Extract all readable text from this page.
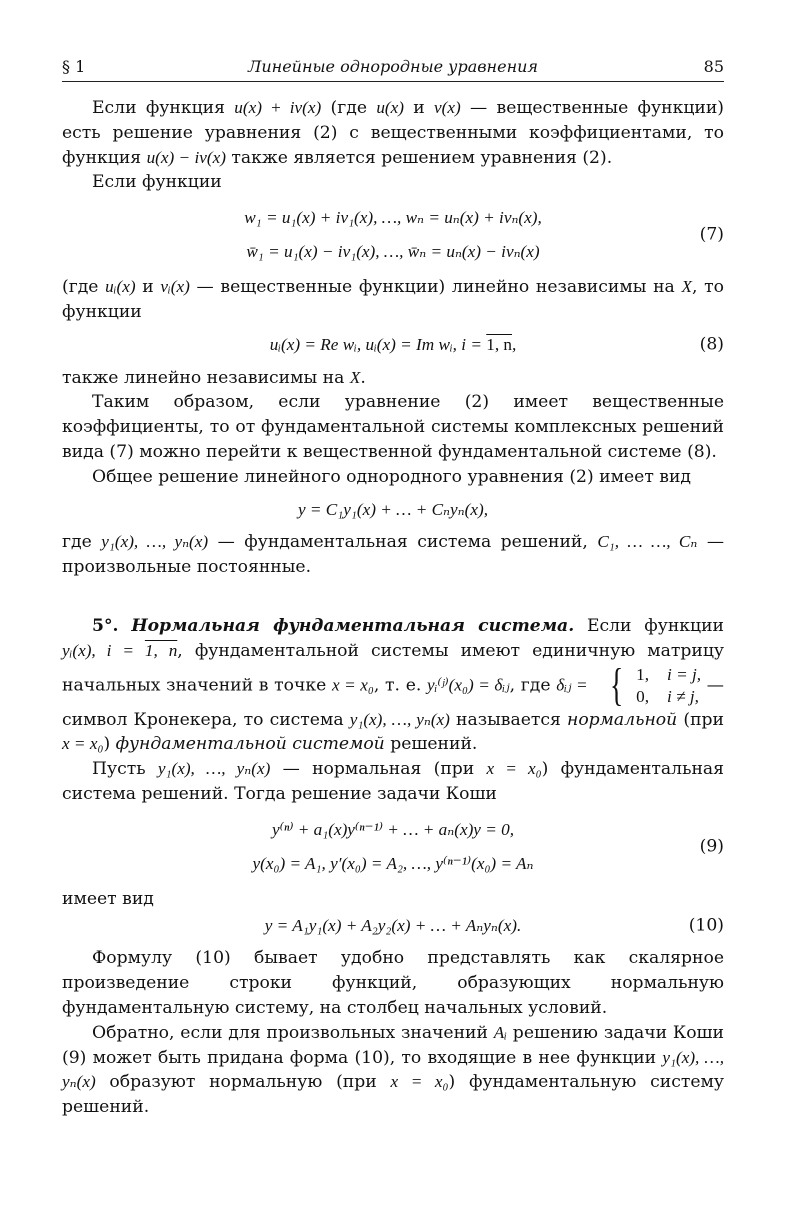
§ 1	Линейные однородные уравнения	85

Если функция u(x) + iv(x) (где u(x) и v(x) — вещественные функции) есть решение уравнения (2) с вещественными коэффициентами, то функция u(x) − iv(x) также является решением уравнения (2).

Если функции

w₁ = u₁(x) + iv₁(x), …, wₙ = uₙ(x) + ivₙ(x),
w̄₁ = u₁(x) − iv₁(x), …, w̄ₙ = uₙ(x) − ivₙ(x)
(7)

(где uᵢ(x) и vᵢ(x) — вещественные функции) линейно независимы на X, то функции

uᵢ(x) = Re wᵢ, uᵢ(x) = Im wᵢ, i = 1, n,	(8)

также линейно независимы на X.

Таким образом, если уравнение (2) имеет вещественные коэффициенты, то от фундаментальной системы комплексных решений вида (7) можно перейти к вещественной фундаментальной системе (8).

Общее решение линейного однородного уравнения (2) имеет вид

y = C₁y₁(x) + … + Cₙyₙ(x),

где y₁(x), …, yₙ(x) — фундаментальная система решений, C₁, … …, Cₙ — произвольные постоянные.

5°. Нормальная фундаментальная система. Если функции yᵢ(x), i = 1, n, фундаментальной системы имеют единичную матрицу начальных значений в точке x = x₀, т. е. yᵢ⁽ʲ⁾(x₀) = δᵢⱼ, где δᵢⱼ = { 1, i = j,
0, i ≠ j,
— символ Кронекера, то система y₁(x), …, yₙ(x) называется нормальной (при x = x₀) фундаментальной системой решений.

Пусть y₁(x), …, yₙ(x) — нормальная (при x = x₀) фундаментальная система решений. Тогда решение задачи Коши

y⁽ⁿ⁾ + a₁(x)y⁽ⁿ⁻¹⁾ + … + aₙ(x)y = 0,
y(x₀) = A₁, y′(x₀) = A₂, …, y⁽ⁿ⁻¹⁾(x₀) = Aₙ
(9)

имеет вид

y = A₁y₁(x) + A₂y₂(x) + … + Aₙyₙ(x).	(10)

Формулу (10) бывает удобно представлять как скалярное произведение строки функций, образующих нормальную фундаментальную систему, на столбец начальных условий.

Обратно, если для произвольных значений Aᵢ решению задачи Коши (9) может быть придана форма (10), то входящие в нее функции y₁(x), …, yₙ(x) образуют нормальную (при x = x₀) фундаментальную систему решений.
